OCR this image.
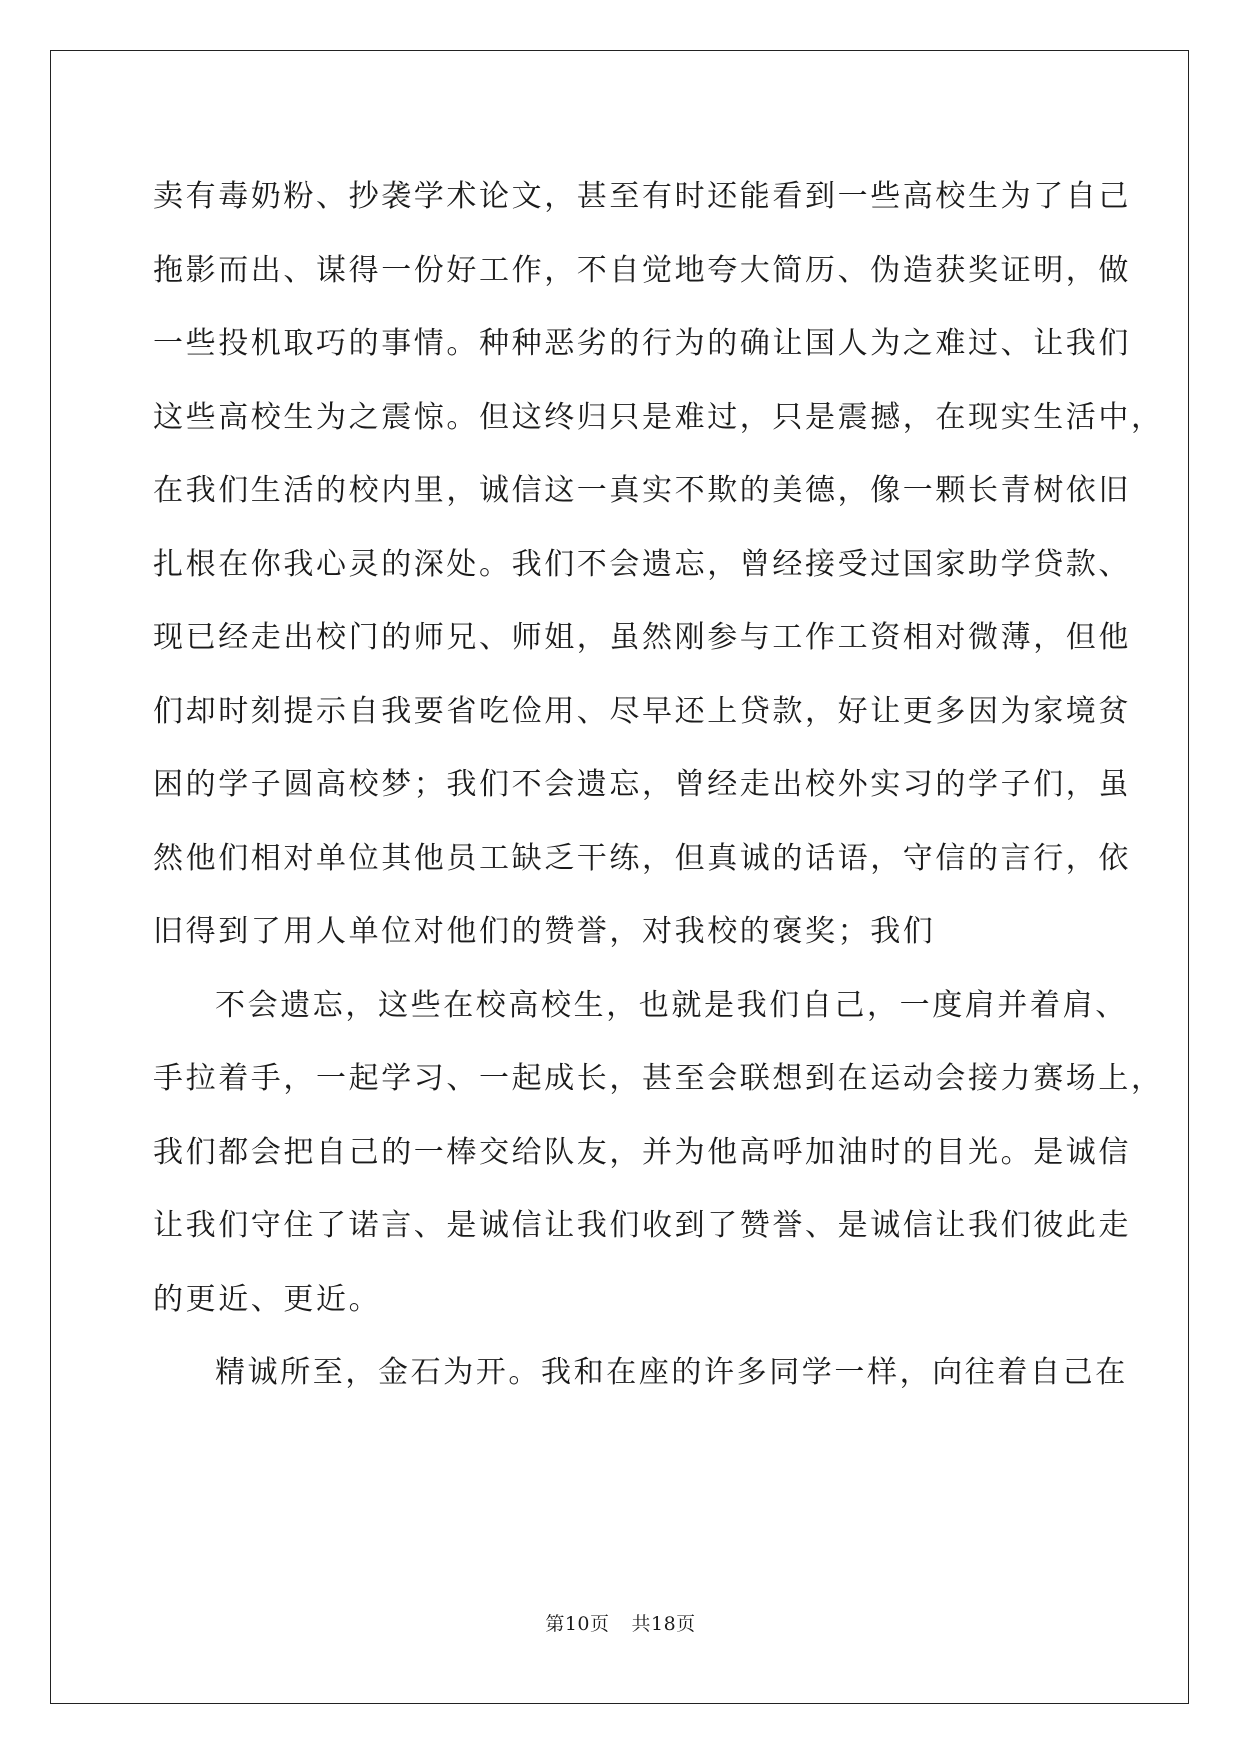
卖有毒奶粉、抄袭学术论文，甚至有时还能看到一些高校生为了自己
拖影而出、谋得一份好工作，不自觉地夸大简历、伪造获奖证明，做
一些投机取巧的事情。种种恶劣的行为的确让国人为之难过、让我们
这些高校生为之震惊。但这终归只是难过，只是震撼，在现实生活中，
在我们生活的校内里，诚信这一真实不欺的美德，像一颗长青树依旧
扎根在你我心灵的深处。我们不会遗忘，曾经接受过国家助学贷款、
现已经走出校门的师兄、师姐，虽然刚参与工作工资相对微薄，但他
们却时刻提示自我要省吃俭用、尽早还上贷款，好让更多因为家境贫
困的学子圆高校梦；我们不会遗忘，曾经走出校外实习的学子们，虽
然他们相对单位其他员工缺乏干练，但真诚的话语，守信的言行，依
旧得到了用人单位对他们的赞誉，对我校的褒奖；我们
不会遗忘，这些在校高校生，也就是我们自己，一度肩并着肩、
手拉着手，一起学习、一起成长，甚至会联想到在运动会接力赛场上，
我们都会把自己的一棒交给队友，并为他高呼加油时的目光。是诚信
让我们守住了诺言、是诚信让我们收到了赞誉、是诚信让我们彼此走
的更近、更近。
精诚所至，金石为开。我和在座的许多同学一样，向往着自己在
第10页 共18页
